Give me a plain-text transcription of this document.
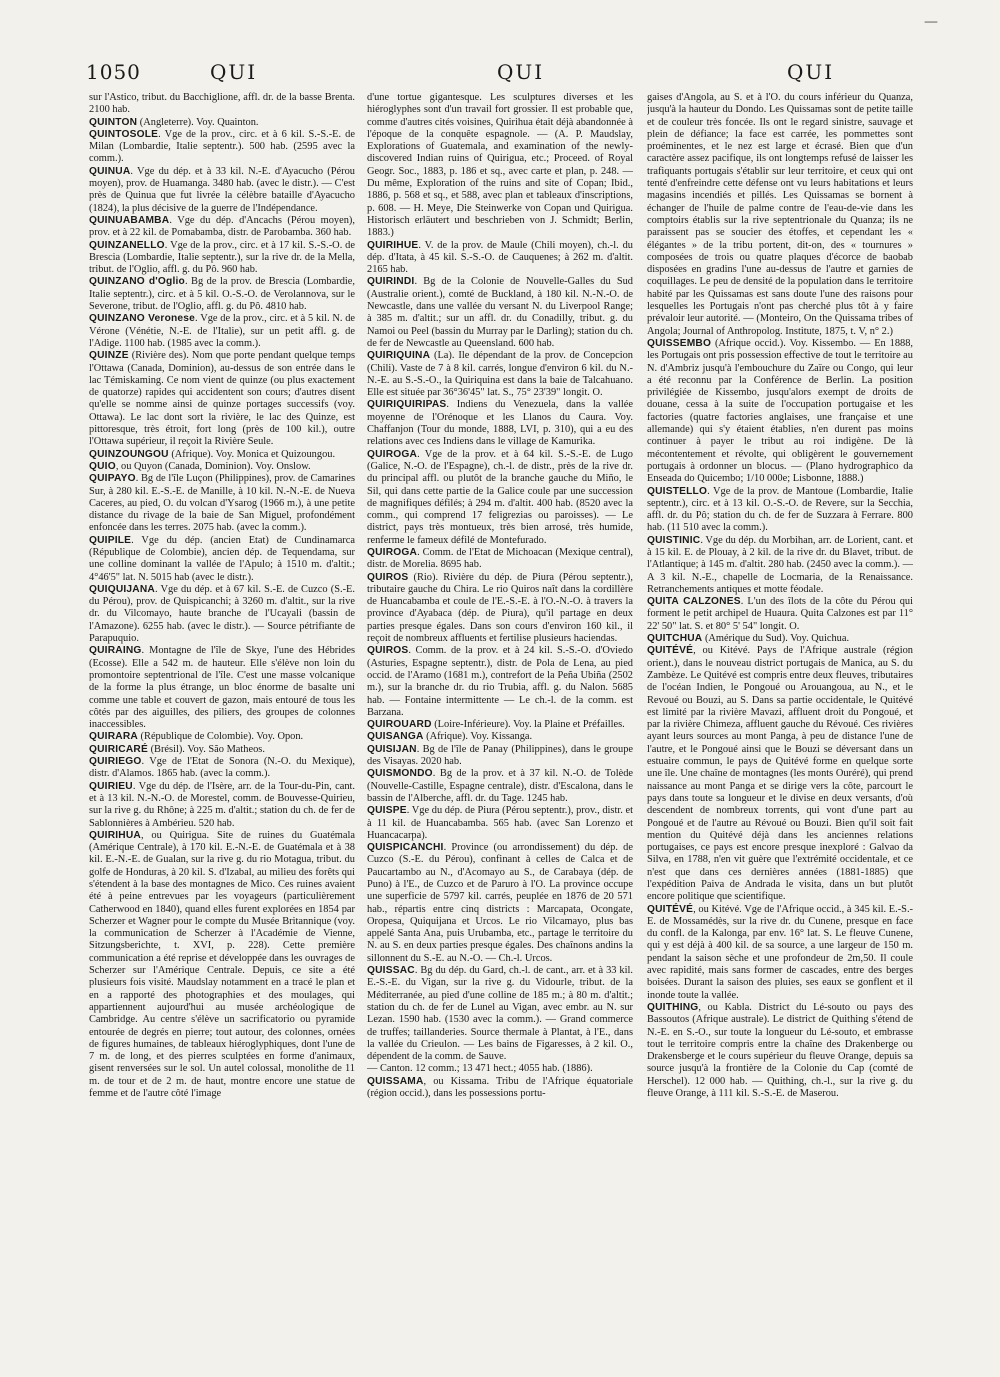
—
1050	QUI	QUI	QUI

sur l'Astico, tribut. du Bacchiglione, affl. dr. de la basse Brenta. 2100 hab.

QUINTON (Angleterre). Voy. Quainton.

QUINTOSOLE. Vge de la prov., circ. et à 6 kil. S.-S.-E. de Milan (Lombardie, Italie septentr.). 500 hab. (2595 avec la comm.).

QUINUA. Vge du dép. et à 33 kil. N.-E. d'Ayacucho (Pérou moyen), prov. de Huamanga. 3480 hab. (avec le distr.). — C'est près de Quinua que fut livrée la célèbre bataille d'Ayacucho (1824), la plus décisive de la guerre de l'Indépendance.

QUINUABAMBA. Vge du dép. d'Ancachs (Pérou moyen), prov. et à 22 kil. de Pomabamba, distr. de Parobamba. 360 hab.

QUINZANELLO. Vge de la prov., circ. et à 17 kil. S.-S.-O. de Brescia (Lombardie, Italie septentr.), sur la rive dr. de la Mella, tribut. de l'Oglio, affl. g. du Pô. 960 hab.

QUINZANO d'Oglio. Bg de la prov. de Brescia (Lombardie, Italie septentr.), circ. et à 5 kil. O.-S.-O. de Verolannova, sur le Severone, tribut. de l'Oglio, affl. g. du Pô. 4810 hab.

QUINZANO Veronese. Vge de la prov., circ. et à 5 kil. N. de Vérone (Vénétie, N.-E. de l'Italie), sur un petit affl. g. de l'Adige. 1100 hab. (1985 avec la comm.).

QUINZE (Rivière des). Nom que porte pendant quelque temps l'Ottawa (Canada, Dominion), au-dessus de son entrée dans le lac Témiskaming. Ce nom vient de quinze (ou plus exactement de quatorze) rapides qui accidentent son cours; d'autres disent qu'elle se nomme ainsi de quinze portages successifs (voy. Ottawa). Le lac dont sort la rivière, le lac des Quinze, est pittoresque, très étroit, fort long (près de 100 kil.), outre l'Ottawa supérieur, il reçoit la Rivière Seule.

QUINZOUNGOU (Afrique). Voy. Monica et Quizoungou.

QUIO, ou Quyon (Canada, Dominion). Voy. Onslow.

QUIPAYO. Bg de l'île Luçon (Philippines), prov. de Camarines Sur, à 280 kil. E.-S.-E. de Manille, à 10 kil. N.-N.-E. de Nueva Caceres, au pied, O. du volcan d'Ysarog (1966 m.), à une petite distance du rivage de la baie de San Miguel, profondément enfoncée dans les terres. 2075 hab. (avec la comm.).

QUIPILE. Vge du dép. (ancien Etat) de Cundinamarca (République de Colombie), ancien dép. de Tequendama, sur une colline dominant la vallée de l'Apulo; à 1510 m. d'altit.; 4°46'5" lat. N. 5015 hab (avec le distr.).

QUIQUIJANA. Vge du dép. et à 67 kil. S.-E. de Cuzco (S.-E. du Pérou), prov. de Quispicanchi; à 3260 m. d'altit., sur la rive dr. du Vilcomayo, haute branche de l'Ucayali (bassin de l'Amazone). 6255 hab. (avec le distr.). — Source pétrifiante de Parapuquio.

QUIRAING. Montagne de l'île de Skye, l'une des Hébrides (Ecosse). Elle a 542 m. de hauteur. Elle s'élève non loin du promontoire septentrional de l'île. C'est une masse volcanique de la forme la plus étrange, un bloc énorme de basalte uni comme une table et couvert de gazon, mais entouré de tous les côtés par des aiguilles, des piliers, des groupes de colonnes inaccessibles.

QUIRARA (République de Colombie). Voy. Opon.

QUIRICARÉ (Brésil). Voy. São Matheos.

QUIRIEGO. Vge de l'Etat de Sonora (N.-O. du Mexique), distr. d'Alamos. 1865 hab. (avec la comm.).

QUIRIEU. Vge du dép. de l'Isère, arr. de la Tour-du-Pin, cant. et à 13 kil. N.-N.-O. de Morestel, comm. de Bouvesse-Quirieu, sur la rive g. du Rhône; à 225 m. d'altit.; station du ch. de fer de Sablonnières à Ambérieu. 520 hab.

QUIRIHUA, ou Quirigua. Site de ruines du Guatémala (Amérique Centrale), à 170 kil. E.-N.-E. de Guatémala et à 38 kil. E.-N.-E. de Gualan, sur la rive g. du rio Motagua, tribut. du golfe de Honduras, à 20 kil. S. d'Izabal, au milieu des forêts qui s'étendent à la base des montagnes de Mico. Ces ruines avaient été à peine entrevues par les voyageurs (particulièrement Catherwood en 1840), quand elles furent explorées en 1854 par Scherzer et Wagner pour le compte du Musée Britannique (voy. la communication de Scherzer à l'Académie de Vienne, Sitzungsberichte, t. XVI, p. 228). Cette première communication a été reprise et développée dans les ouvrages de Scherzer sur l'Amérique Centrale. Depuis, ce site a été plusieurs fois visité. Maudslay notamment en a tracé le plan et en a rapporté des photographies et des moulages, qui appartiennent aujourd'hui au musée archéologique de Cambridge. Au centre s'élève un sacrificatorio ou pyramide entourée de degrés en pierre; tout autour, des colonnes, ornées de figures humaines, de tableaux hiéroglyphiques, dont l'une de 7 m. de long, et des pierres sculptées en forme d'animaux, gisent renversées sur le sol. Un autel colossal, monolithe de 11 m. de tour et de 2 m. de haut, montre encore une statue de femme et de l'autre côté l'image

d'une tortue gigantesque. Les sculptures diverses et les hiéroglyphes sont d'un travail fort grossier. Il est probable que, comme d'autres cités voisines, Quirihua était déjà abandonnée à l'époque de la conquête espagnole. — (A. P. Maudslay, Explorations of Guatemala, and examination of the newly-discovered Indian ruins of Quirigua, etc.; Proceed. of Royal Geogr. Soc., 1883, p. 186 et sq., avec carte et plan, p. 248. — Du même, Exploration of the ruins and site of Copan; Ibid., 1886, p. 568 et sq., et 588, avec plan et tableaux d'inscriptions, p. 608. — H. Meye, Die Steinwerke von Copan und Quirigua. Historisch erläutert und beschrieben von J. Schmidt; Berlin, 1883.)

QUIRIHUE. V. de la prov. de Maule (Chili moyen), ch.-l. du dép. d'Itata, à 45 kil. S.-S.-O. de Cauquenes; à 262 m. d'altit. 2165 hab.

QUIRINDI. Bg de la Colonie de Nouvelle-Galles du Sud (Australie orient.), comté de Buckland, à 180 kil. N.-N.-O. de Newcastle, dans une vallée du versant N. du Liverpool Range; à 385 m. d'altit.; sur un affl. dr. du Conadilly, tribut. g. du Namoi ou Peel (bassin du Murray par le Darling); station du ch. de fer de Newcastle au Queensland. 600 hab.

QUIRIQUINA (La). Ile dépendant de la prov. de Concepcion (Chili). Vaste de 7 à 8 kil. carrés, longue d'environ 6 kil. du N.-N.-E. au S.-S.-O., la Quiriquina est dans la baie de Talcahuano. Elle est située par 36°36'45" lat. S., 75° 23'39" longit. O.

QUIRIQUIRIPAS. Indiens du Venezuela, dans la vallée moyenne de l'Orénoque et les Llanos du Caura. Voy. Chaffanjon (Tour du monde, 1888, LVI, p. 310), qui a eu des relations avec ces Indiens dans le village de Kamurika.

QUIROGA. Vge de la prov. et à 64 kil. S.-S.-E. de Lugo (Galice, N.-O. de l'Espagne), ch.-l. de distr., près de la rive dr. du principal affl. ou plutôt de la branche gauche du Miño, le Sil, qui dans cette partie de la Galice coule par une succession de magnifiques défilés; à 294 m. d'altit. 400 hab. (8520 avec la comm., qui comprend 17 feligrezias ou paroisses). — Le district, pays très montueux, très bien arrosé, très humide, renferme le fameux défilé de Montefurado.

QUIROGA. Comm. de l'Etat de Michoacan (Mexique central), distr. de Morelia. 8695 hab.

QUIROS (Rio). Rivière du dép. de Piura (Pérou septentr.), tributaire gauche du Chira. Le rio Quiros naît dans la cordillère de Huancabamba et coule de l'E.-S.-E. à l'O.-N.-O. à travers la province d'Ayabaca (dép. de Piura), qu'il partage en deux parties presque égales. Dans son cours d'environ 160 kil., il reçoit de nombreux affluents et fertilise plusieurs haciendas.

QUIROS. Comm. de la prov. et à 24 kil. S.-S.-O. d'Oviedo (Asturies, Espagne septentr.), distr. de Pola de Lena, au pied occid. de l'Aramo (1681 m.), contrefort de la Peña Ubiña (2502 m.), sur la branche dr. du rio Trubia, affl. g. du Nalon. 5685 hab. — Fontaine intermittente — Le ch.-l. de la comm. est Barzana.

QUIROUARD (Loire-Inférieure). Voy. la Plaine et Préfailles.

QUISANGA (Afrique). Voy. Kissanga.

QUISIJAN. Bg de l'île de Panay (Philippines), dans le groupe des Visayas. 2020 hab.

QUISMONDO. Bg de la prov. et à 37 kil. N.-O. de Tolède (Nouvelle-Castille, Espagne centrale), distr. d'Escalona, dans le bassin de l'Alberche, affl. dr. du Tage. 1245 hab.

QUISPE. Vge du dép. de Piura (Pérou septentr.), prov., distr. et à 11 kil. de Huancabamba. 565 hab. (avec San Lorenzo et Huancacarpa).

QUISPICANCHI. Province (ou arrondissement) du dép. de Cuzco (S.-E. du Pérou), confinant à celles de Calca et de Paucartambo au N., d'Acomayo au S., de Carabaya (dép. de Puno) à l'E., de Cuzco et de Paruro à l'O. La province occupe une superficie de 5797 kil. carrés, peuplée en 1876 de 20 571 hab., répartis entre cinq districts : Marcapata, Ocongate, Oropesa, Quiquijana et Urcos. Le rio Vilcamayo, plus bas appelé Santa Ana, puis Urubamba, etc., partage le territoire du N. au S. en deux parties presque égales. Des chaînons andins la sillonnent du S.-E. au N.-O. — Ch.-l. Urcos.

QUISSAC. Bg du dép. du Gard, ch.-l. de cant., arr. et à 33 kil. E.-S.-E. du Vigan, sur la rive g. du Vidourle, tribut. de la Méditerranée, au pied d'une colline de 185 m.; à 80 m. d'altit.; station du ch. de fer de Lunel au Vigan, avec embr. au N. sur Lezan. 1590 hab. (1530 avec la comm.). — Grand commerce de truffes; taillanderies. Source thermale à Plantat, à l'E., dans la vallée du Crieulon. — Les bains de Figaresses, à 2 kil. O., dépendent de la comm. de Sauve.

— Canton. 12 comm.; 13 471 hect.; 4055 hab. (1886).

QUISSAMA, ou Kissama. Tribu de l'Afrique équatoriale (région occid.), dans les possessions portu-

gaises d'Angola, au S. et à l'O. du cours inférieur du Quanza, jusqu'à la hauteur du Dondo. Les Quissamas sont de petite taille et de couleur très foncée. Ils ont le regard sinistre, sauvage et plein de défiance; la face est carrée, les pommettes sont proéminentes, et le nez est large et écrasé. Bien que d'un caractère assez pacifique, ils ont longtemps refusé de laisser les trafiquants portugais s'établir sur leur territoire, et ceux qui ont tenté d'enfreindre cette défense ont vu leurs habitations et leurs magasins incendiés et pillés. Les Quissamas se bornent à échanger de l'huile de palme contre de l'eau-de-vie dans les comptoirs établis sur la rive septentrionale du Quanza; ils ne paraissent pas se soucier des étoffes, et cependant les « élégantes » de la tribu portent, dit-on, des « tournures » composées de trois ou quatre plaques d'écorce de baobab disposées en gradins l'une au-dessus de l'autre et garnies de coquillages. Le peu de densité de la population dans le territoire habité par les Quissamas est sans doute l'une des raisons pour lesquelles les Portugais n'ont pas cherché plus tôt à y faire prévaloir leur autorité. — (Monteiro, On the Quissama tribes of Angola; Journal of Anthropolog. Institute, 1875, t. V, n° 2.)

QUISSEMBO (Afrique occid.). Voy. Kissembo. — En 1888, les Portugais ont pris possession effective de tout le territoire au N. d'Ambriz jusqu'à l'embouchure du Zaïre ou Congo, qui leur a été reconnu par la Conférence de Berlin. La position privilégiée de Kissembo, jusqu'alors exempt de droits de douane, cessa à la suite de l'occupation portugaise et les factories (quatre factories anglaises, une française et une allemande) qui s'y étaient établies, n'en durent pas moins continuer à payer le tribut au roi indigène. De là mécontentement et révolte, qui obligèrent le gouvernement portugais à ordonner un blocus. — (Plano hydrographico da Enseada do Quicembo; 1/10 000e; Lisbonne, 1888.)

QUISTELLO. Vge de la prov. de Mantoue (Lombardie, Italie septentr.), circ. et à 13 kil. O.-S.-O. de Revere, sur la Secchia, affl. dr. du Pô; station du ch. de fer de Suzzara à Ferrare. 800 hab. (11 510 avec la comm.).

QUISTINIC. Vge du dép. du Morbihan, arr. de Lorient, cant. et à 15 kil. E. de Plouay, à 2 kil. de la rive dr. du Blavet, tribut. de l'Atlantique; à 145 m. d'altit. 280 hab. (2450 avec la comm.). — A 3 kil. N.-E., chapelle de Locmaria, de la Renaissance. Retranchements antiques et motte féodale.

QUITA CALZONES. L'un des îlots de la côte du Pérou qui forment le petit archipel de Huaura. Quita Calzones est par 11° 22' 50" lat. S. et 80° 5' 54" longit. O.

QUITCHUA (Amérique du Sud). Voy. Quichua.

QUITÉVÉ, ou Kitévé. Pays de l'Afrique australe (région orient.), dans le nouveau district portugais de Manica, au S. du Zambèze. Le Quitévé est compris entre deux fleuves, tributaires de l'océan Indien, le Pongoué ou Arouangoua, au N., et le Revoué ou Bouzi, au S. Dans sa partie occidentale, le Quitévé est limité par la rivière Mavazi, affluent droit du Pongoué, et par la rivière Chimeza, affluent gauche du Révoué. Ces rivières ayant leurs sources au mont Panga, à peu de distance l'une de l'autre, et le Pongoué ainsi que le Bouzi se déversant dans un estuaire commun, le pays de Quitévé forme en quelque sorte une île. Une chaîne de montagnes (les monts Ouréré), qui prend naissance au mont Panga et se dirige vers la côte, parcourt le pays dans toute sa longueur et le divise en deux versants, d'où descendent de nombreux torrents, qui vont d'une part au Pongoué et de l'autre au Révoué ou Bouzi. Bien qu'il soit fait mention du Quitévé déjà dans les anciennes relations portugaises, ce pays est encore presque inexploré : Galvao da Silva, en 1788, n'en vit guère que l'extrémité occidentale, et ce n'est que dans ces dernières années (1881-1885) que l'expédition Paiva de Andrada le visita, dans un but plutôt encore politique que scientifique.

QUITÉVÉ, ou Kitévé. Vge de l'Afrique occid., à 345 kil. E.-S.-E. de Mossamédès, sur la rive dr. du Cunene, presque en face du confl. de la Kalonga, par env. 16° lat. S. Le fleuve Cunene, qui y est déjà à 400 kil. de sa source, a une largeur de 150 m. pendant la saison sèche et une profondeur de 2m,50. Il coule avec rapidité, mais sans former de cascades, entre des berges boisées. Durant la saison des pluies, ses eaux se gonflent et il inonde toute la vallée.

QUITHING, ou Kabla. District du Lé-souto ou pays des Bassoutos (Afrique australe). Le district de Quithing s'étend de N.-E. en S.-O., sur toute la longueur du Lé-souto, et embrasse tout le territoire compris entre la chaîne des Drakenberge ou Drakensberge et le cours supérieur du fleuve Orange, depuis sa source jusqu'à la frontière de la Colonie du Cap (comté de Herschel). 12 000 hab. — Quithing, ch.-l., sur la rive g. du fleuve Orange, à 111 kil. S.-S.-E. de Maserou.
